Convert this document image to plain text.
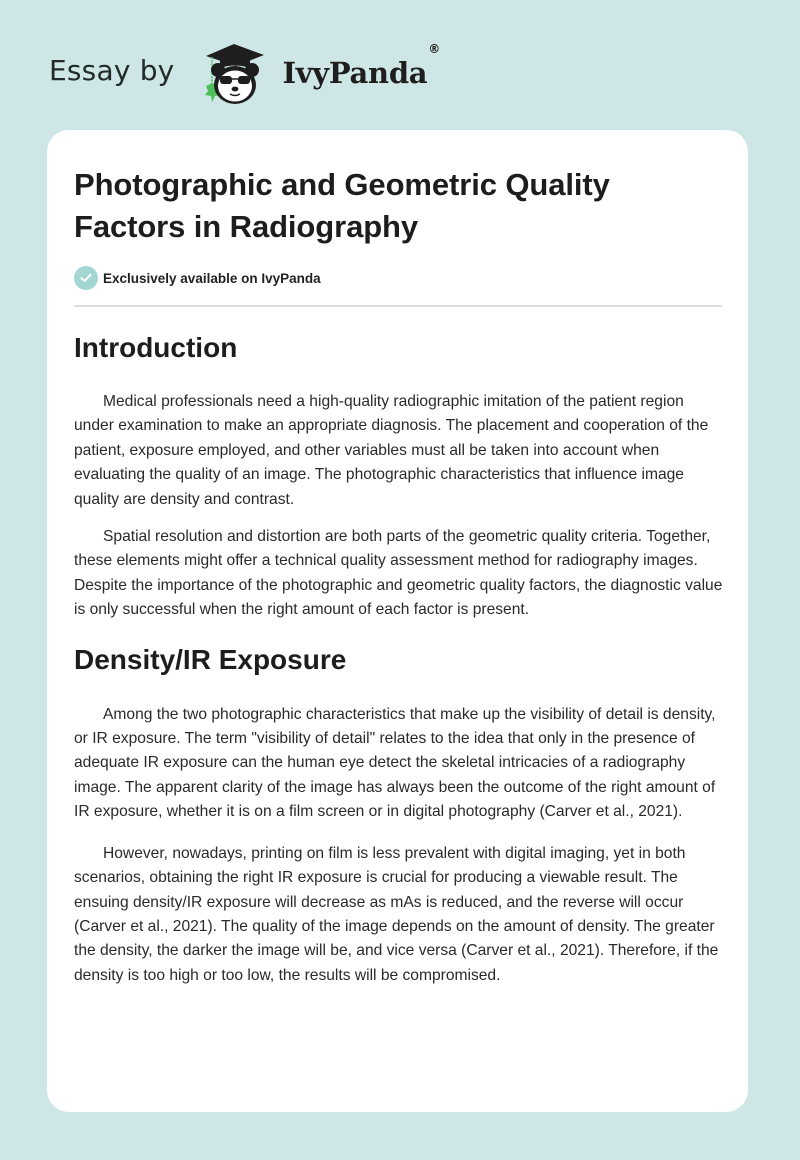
Essay by	IvyPanda®
Photographic and Geometric Quality Factors in Radiography
Exclusively available on IvyPanda
Introduction

Medical professionals need a high-quality radiographic imitation of the patient region under examination to make an appropriate diagnosis. The placement and cooperation of the patient, exposure employed, and other variables must all be taken into account when evaluating the quality of an image. The photographic characteristics that influence image quality are density and contrast.

Spatial resolution and distortion are both parts of the geometric quality criteria. Together, these elements might offer a technical quality assessment method for radiography images. Despite the importance of the photographic and geometric quality factors, the diagnostic value is only successful when the right amount of each factor is present.

Density/IR Exposure

Among the two photographic characteristics that make up the visibility of detail is density, or IR exposure. The term "visibility of detail" relates to the idea that only in the presence of adequate IR exposure can the human eye detect the skeletal intricacies of a radiography image. The apparent clarity of the image has always been the outcome of the right amount of IR exposure, whether it is on a film screen or in digital photography (Carver et al., 2021).

However, nowadays, printing on film is less prevalent with digital imaging, yet in both scenarios, obtaining the right IR exposure is crucial for producing a viewable result. The ensuing density/IR exposure will decrease as mAs is reduced, and the reverse will occur (Carver et al., 2021). The quality of the image depends on the amount of density. The greater the density, the darker the image will be, and vice versa (Carver et al., 2021). Therefore, if the density is too high or too low, the results will be compromised.
